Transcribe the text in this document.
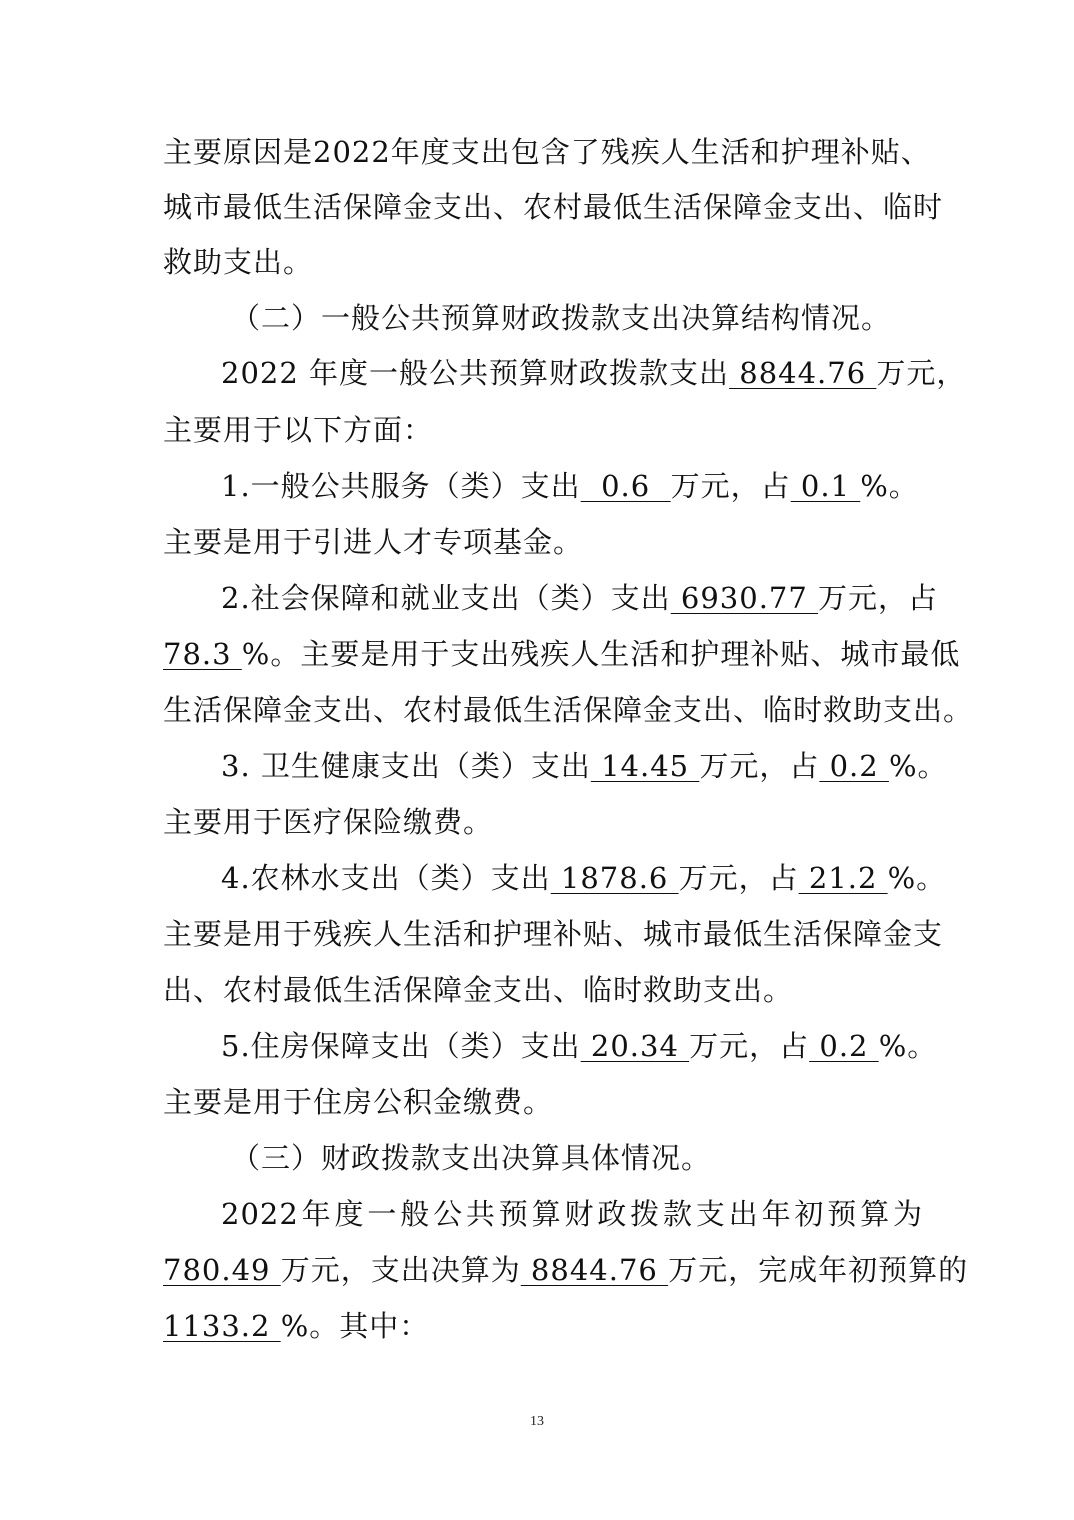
主要原因是2022年度支出包含了残疾人生活和护理补贴、
城市最低生活保障金支出、农村最低生活保障金支出、临时
救助支出。
（二）一般公共预算财政拨款支出决算结构情况。
2022 年度一般公共预算财政拨款支出 8844.76 万元，
主要用于以下方面：
1.一般公共服务（类）支出  0.6  万元，占 0.1 %。
主要是用于引进人才专项基金。
2.社会保障和就业支出（类）支出 6930.77 万元，占
78.3 %。主要是用于支出残疾人生活和护理补贴、城市最低
生活保障金支出、农村最低生活保障金支出、临时救助支出。
3. 卫生健康支出（类）支出 14.45 万元，占 0.2 %。
主要用于医疗保险缴费。
4.农林水支出（类）支出 1878.6 万元，占 21.2 %。
主要是用于残疾人生活和护理补贴、城市最低生活保障金支
出、农村最低生活保障金支出、临时救助支出。
5.住房保障支出（类）支出 20.34 万元，占 0.2 %。
主要是用于住房公积金缴费。
（三）财政拨款支出决算具体情况。
2022年度一般公共预算财政拨款支出年初预算为
780.49 万元，支出决算为 8844.76 万元，完成年初预算的
1133.2 %。其中：
13
